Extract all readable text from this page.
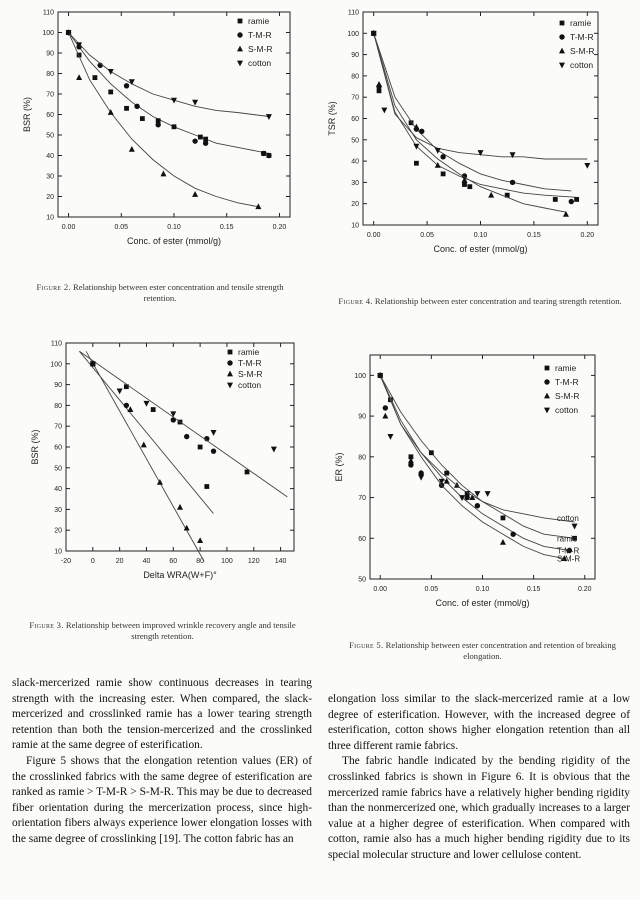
10
20
30
40
50
60
70
80
90
100
110
0.00	0.05	0.10	0.15	0.20
Conc. of ester (mmol/g)
BSR (%)
ramie
T-M-R
S-M-R
cotton
Figure 2. Relationship between ester concentration and tensile strength retention.
10
20
30
40
50
60
70
80
90
100
110
0.00	0.05	0.10	0.15	0.20
Conc. of ester (mmol/g)
TSR (%)
ramie
T-M-R
S-M-R
cotton
Figure 4. Relationship between ester concentration and tearing strength retention.
10
20
30
40
50
60
70
80
90
100
110
-20	0	20	40	60	80 100 120 140
Delta WRA(W+F)°
BSR (%)
ramie
T-M-R
S-M-R
cotton
Figure 3. Relationship between improved wrinkle recovery angle and tensile strength retention.
50
60
70
80
90
100
0.00	0.05	0.10	0.15	0.20
Conc. of ester (mmol/g)
ER (%)
ramie
T-M-R
S-M-R
cotton
cotton
ramie
T-M-R
S-M-R
Figure 5. Relationship between ester concentration and retention of breaking elongation.

slack-mercerized ramie show continuous decreases in tearing strength with the increasing ester. When compared, the slack-mercerized and crosslinked ramie has a lower tearing strength retention than both the tension-mercerized and the crosslinked ramie at the same degree of esterification.

Figure 5 shows that the elongation retention values (ER) of the crosslinked fabrics with the same degree of esterification are ranked as ramie > T-M-R > S-M-R. This may be due to decreased fiber orientation during the mercerization process, since high-orientation fibers always experience lower elongation losses with the same degree of crosslinking [19]. The cotton fabric has an

elongation loss similar to the slack-mercerized ramie at a low degree of esterification. However, with the increased degree of esterification, cotton shows higher elongation retention than all three different ramie fabrics.

The fabric handle indicated by the bending rigidity of the crosslinked fabrics is shown in Figure 6. It is obvious that the mercerized ramie fabrics have a relatively higher bending rigidity than the nonmercerized one, which gradually increases to a larger value at a higher degree of esterification. When compared with cotton, ramie also has a much higher bending rigidity due to its special molecular structure and lower cellulose content.
